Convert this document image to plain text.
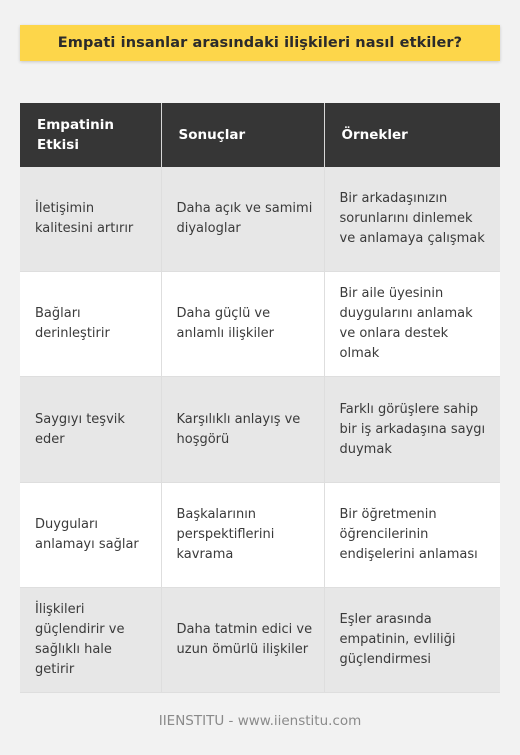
Empati insanlar arasındaki ilişkileri nasıl etkiler?
Empatinin Etkisi	Sonuçlar	Örnekler
İletişimin kalitesini artırır	Daha açık ve samimi diyaloglar	Bir arkadaşınızın sorunlarını dinlemek ve anlamaya çalışmak
Bağları derinleştirir	Daha güçlü ve anlamlı ilişkiler	Bir aile üyesinin duygularını anlamak ve onlara destek olmak
Saygıyı teşvik eder	Karşılıklı anlayış ve hoşgörü	Farklı görüşlere sahip bir iş arkadaşına saygı duymak
Duyguları anlamayı sağlar	Başkalarının perspektiflerini kavrama	Bir öğretmenin öğrencilerinin endişelerini anlaması
İlişkileri güçlendirir ve sağlıklı hale getirir	Daha tatmin edici ve uzun ömürlü ilişkiler	Eşler arasında empatinin, evliliği güçlendirmesi
IIENSTITU - www.iienstitu.com
